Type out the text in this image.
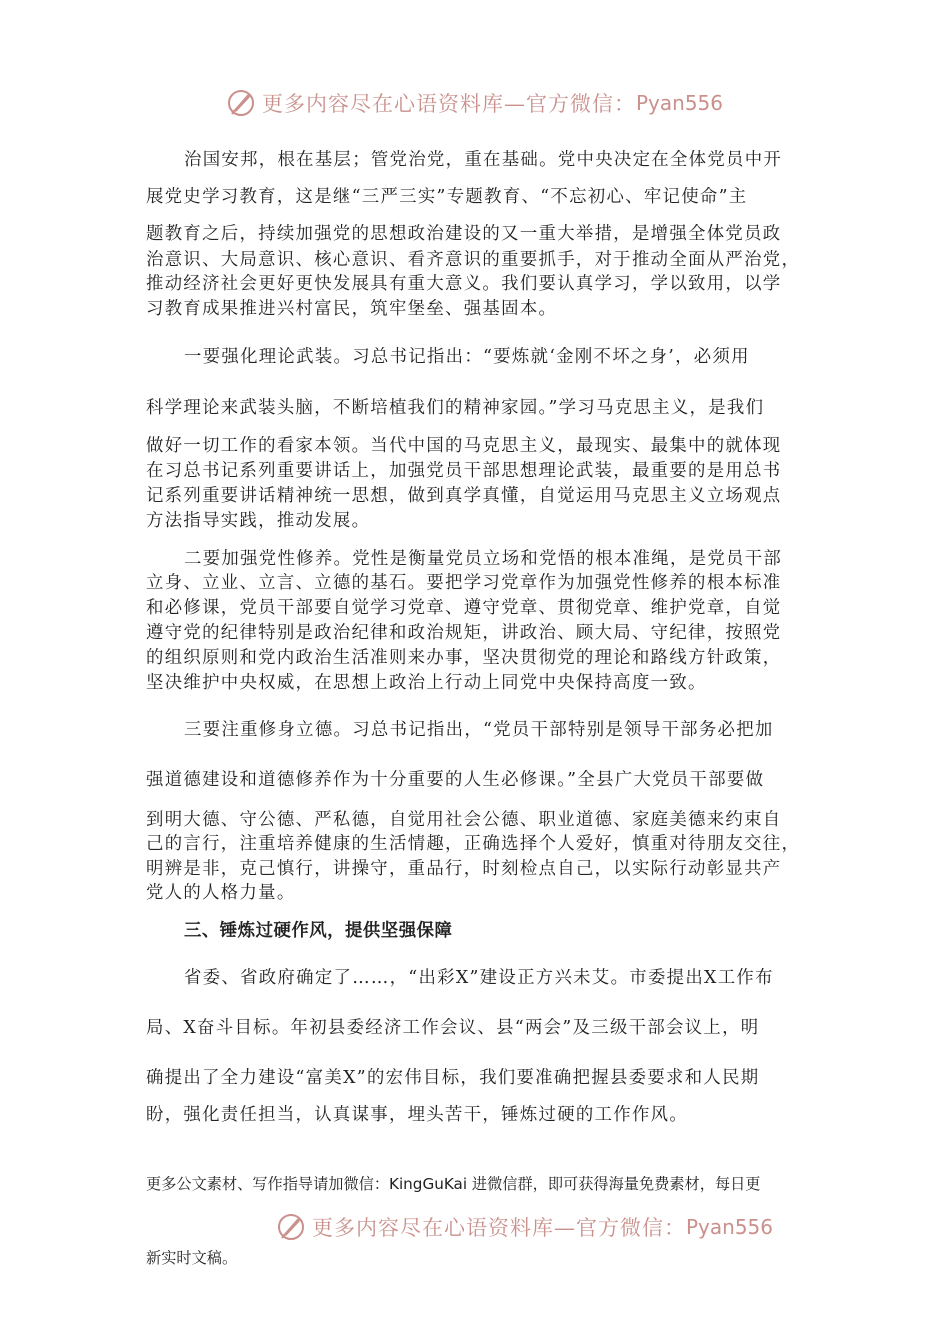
更多内容尽在心语资料库—官方微信： Pyan556
治国安邦，根在基层；管党治党，重在基础。党中央决定在全体党员中开
展党史学习教育，这是继“三严三实”专题教育、“不忘初心、牢记使命”主
题教育之后，持续加强党的思想政治建设的又一重大举措，是增强全体党员政
治意识、大局意识、核心意识、看齐意识的重要抓手，对于推动全面从严治党，
推动经济社会更好更快发展具有重大意义。我们要认真学习，学以致用，以学
习教育成果推进兴村富民，筑牢堡垒、强基固本。
一要强化理论武装。习总书记指出：“要炼就‘金刚不坏之身’，必须用
科学理论来武装头脑，不断培植我们的精神家园。”学习马克思主义，是我们
做好一切工作的看家本领。当代中国的马克思主义，最现实、最集中的就体现
在习总书记系列重要讲话上，加强党员干部思想理论武装，最重要的是用总书
记系列重要讲话精神统一思想，做到真学真懂，自觉运用马克思主义立场观点
方法指导实践，推动发展。
二要加强党性修养。党性是衡量党员立场和党悟的根本准绳，是党员干部
立身、立业、立言、立德的基石。要把学习党章作为加强党性修养的根本标准
和必修课，党员干部要自觉学习党章、遵守党章、贯彻党章、维护党章，自觉
遵守党的纪律特别是政治纪律和政治规矩，讲政治、顾大局、守纪律，按照党
的组织原则和党内政治生活准则来办事，坚决贯彻党的理论和路线方针政策，
坚决维护中央权威，在思想上政治上行动上同党中央保持高度一致。
三要注重修身立德。习总书记指出，“党员干部特别是领导干部务必把加
强道德建设和道德修养作为十分重要的人生必修课。”全县广大党员干部要做
到明大德、守公德、严私德，自觉用社会公德、职业道德、家庭美德来约束自
己的言行，注重培养健康的生活情趣，正确选择个人爱好，慎重对待朋友交往，
明辨是非，克己慎行，讲操守，重品行，时刻检点自己，以实际行动彰显共产
党人的人格力量。
三、锤炼过硬作风，提供坚强保障
省委、省政府确定了……，“出彩X”建设正方兴未艾。市委提出X工作布
局、X奋斗目标。年初县委经济工作会议、县“两会”及三级干部会议上，明
确提出了全力建设“富美X”的宏伟目标，我们要准确把握县委要求和人民期
盼，强化责任担当，认真谋事，埋头苦干，锤炼过硬的工作作风。
更多公文素材、写作指导请加微信：KingGuKai 进微信群，即可获得海量免费素材，每日更
更多内容尽在心语资料库—官方微信： Pyan556
新实时文稿。
